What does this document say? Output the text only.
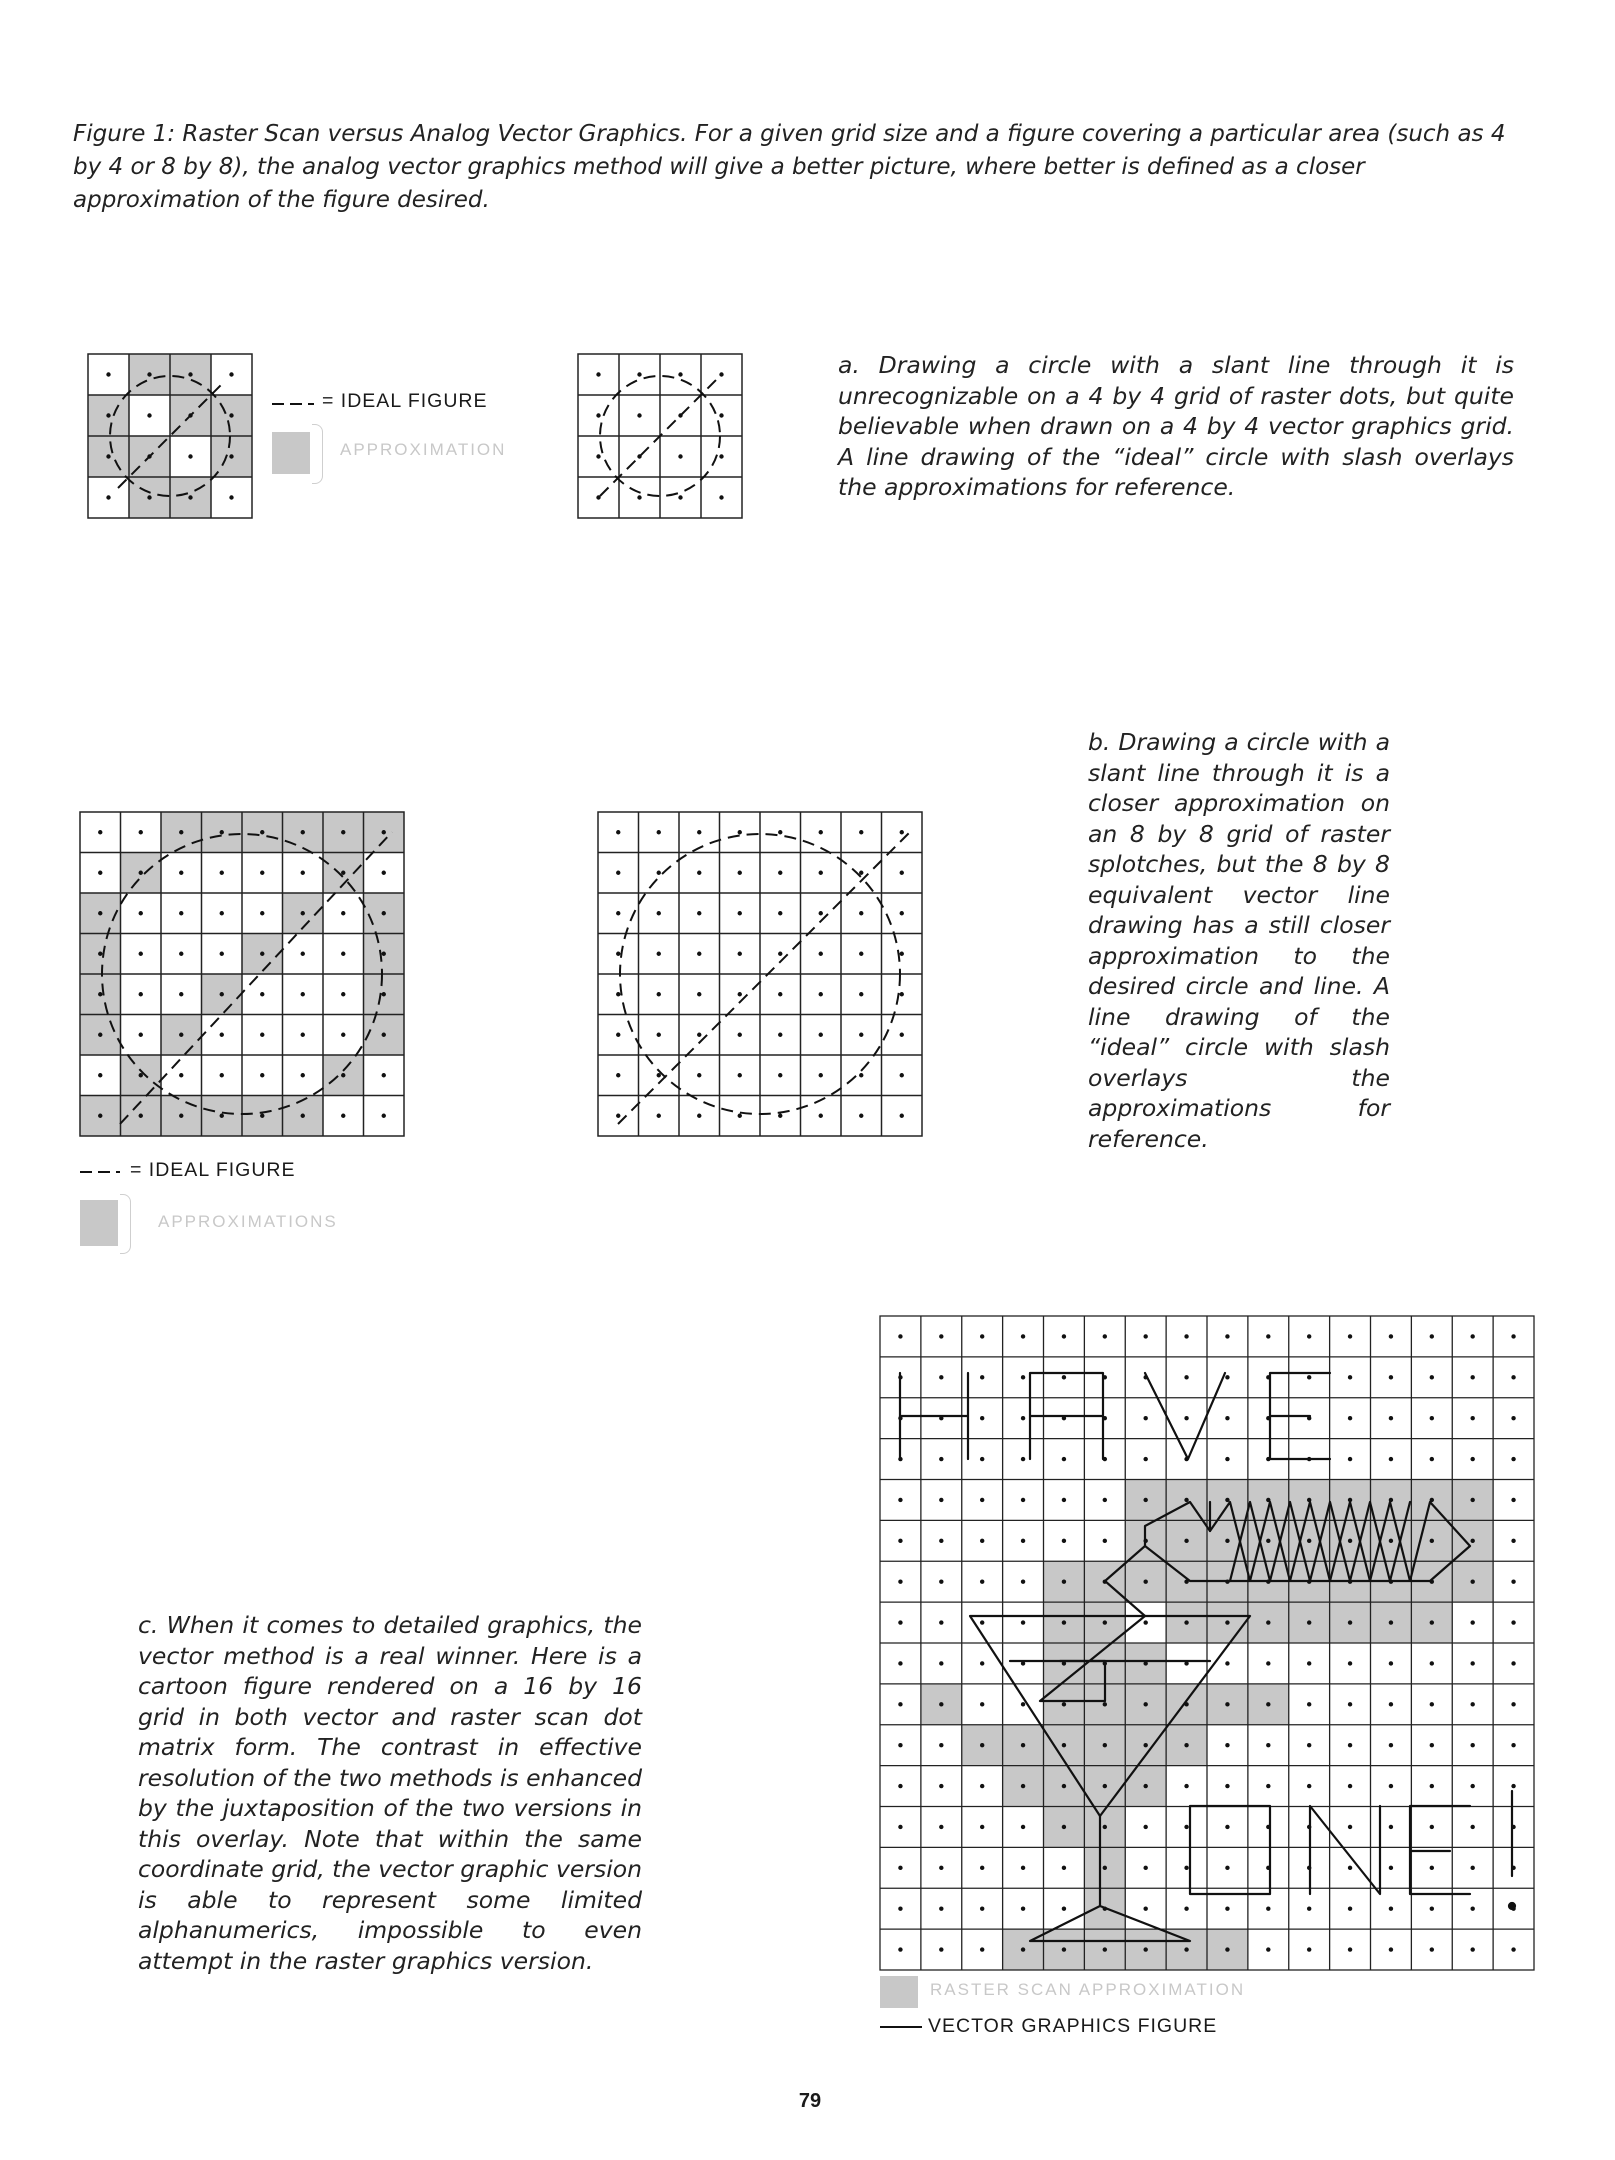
Figure 1: Raster Scan versus Analog Vector Graphics. For a given grid size and a figure covering a particular area (such as 4 by 4 or 8 by 8), the analog vector graphics method will give a better picture, where better is defined as a closer approximation of the figure desired.
= IDEAL FIGURE
APPROXIMATION
a. Drawing a circle with a slant line through it is unrecognizable on a 4 by 4 grid of raster dots, but quite believable when drawn on a 4 by 4 vector graphics grid. A line drawing of the “ideal” circle with slash overlays the approximations for reference.
= IDEAL FIGURE
APPROXIMATIONS
b. Drawing a circle with a slant line through it is a closer approximation on an 8 by 8 grid of raster splotches, but the 8 by 8 equivalent vector line drawing has a still closer approximation to the desired circle and line. A line drawing of the “ideal” circle with slash overlays the approximations for reference.
c. When it comes to detailed graphics, the vector method is a real winner. Here is a cartoon figure rendered on a 16 by 16 grid in both vector and raster scan dot matrix form. The contrast in effective resolution of the two methods is enhanced by the juxtaposition of the two versions in this overlay. Note that within the same coordinate grid, the vector graphic version is able to represent some limited alphanumerics, impossible to even attempt in the raster graphics version.
RASTER SCAN APPROXIMATION
VECTOR GRAPHICS FIGURE
79
